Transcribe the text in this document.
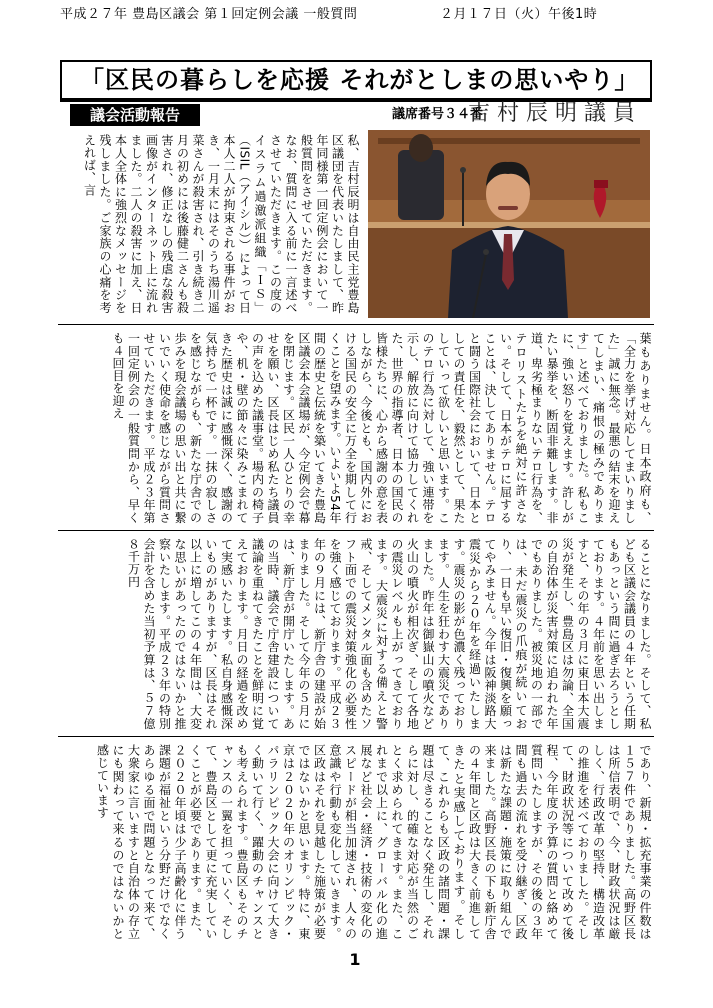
平成２７年 豊島区議会 第１回定例会議 一般質問	２月１７日（火）午後1時
「区民の暮らしを応援 それがとしまの思いやり」
議会活動報告	議席番号３４番
吉村辰明議員
私、吉村辰明は自由民主党豊島区議団を代表いたしまして、昨年同様第一回定例会において一般質問をさせていただきます。なお、質問に入る前に一言述べさせていただきます。この度のイスラム過激派組織「ＩＳ」（ISIL（アイシル））によって日本人二人が拘束される事件がおき、一月末にはそのうち湯川遥菜さんが殺害され、引き続き二月の初めには後藤健二さんも殺害され、修正なしの残虐な殺害画像がインターネット上に流れました。二人の殺害に加え、日本人全体に強烈なメッセージを残しました。ご家族の心痛を考えれば、言
葉もありません。日本政府も、「全力を挙げ対応してまいりました」誠に無念。最悪の結末を迎えてしまい、痛恨の極みであります」と述べておりました。私もこに、強い怒りを覚えます。許しがたい暴挙を、断固非難します。非道、卑劣極まりないテロ行為を、テロリストたちを絶対に許さない。そして、日本がテロに屈することは、決してありません。テロと闘う国際社会において、日本としての責任を、毅然として、果たしていって欲しいと思います。このテロ行為に対して、強い連帯を示し、解放に向けて協力してくれた、世界の指導者、日本の国民の皆様たちに、心から感謝の意を表しながら、今後とも、国内外における国民の安全に万全を期して行くことを望みます。いよいよ54年間の歴史と伝統を築いてきた豊島区議会本会議場が、今定例会で幕を閉じます。区民一人ひとりの幸せを願い、区長はじめ私たち議員の声を込めた議事堂。場内の椅子や、机・壁の節々に染みこまれてきた歴史は誠に感慨深く、感謝の気持ちで一杯です。一抹の寂しさを感じながらも、新たな庁舎での歩みを現会議場の思い出と共に繋いでいく使命を感じながら質問させていただきます。平成２３年第一回定例会の一般質問から、早くも４回目を迎え
ることになりました。そして、私ども区議会議員の４年という任期もあっという間に過ぎ去ろうとしております。４年前を思い出しますと、その年の３月に東日本大震災が発生し、豊島区は勿論、全国の自治体が災害対策に追われた年でもありました。被災地の一部では、未だ震災の爪痕が続いており、一日も早い復旧・復興を願ってやみません。今年は阪神淡路大震災から２０年を経過いたします。震災の影が色濃く残っております。人生を狂わす大震災でありました。昨年は御嶽山の噴火など火山の噴火が相次ぎ、そして各地の震災レベルも上がってきております。大震災に対する備えと警戒、そしてメンタル面も含めたソフト面での震災対策強化の必要性を強く感じております。平成２３年の９月には、新庁舎の建設が始まりました。そして今年の５月には、新庁舎が開庁いたします。あの当時、議会で庁舎建設について議論を重ねてきたことを鮮明に覚えております。月日の経過を改めて実感いたします。私自身感慨深いものがありますが、区長はそれ以上に増してこの４年間は、大変な思いがあったのではないかと推察いたします。平成２３年の特別会計を含めた当初予算は、５７億８千万円
であり、新規・拡充事業の件数は１５７件でありました。高野区長は所信表明で、今、財政状況は厳しく、行政改革の堅持、構造改革の推進を述べておりました。そして、財政状況等について改めて後程、今年度の予算の質問と絡めて質問いたしますが、その後の３年間も過去の流れを受け継ぎ、区政は新たな課題・施策に取り組んで来ました。高野区長の下も新庁舎の４年間と区政は大きく前進してきたと実感しております。そして、これからも区政の諸問題・課題は尽きることなく発生し、それらに対し、的確な対応が当然のごとく求められてきます。また、これまで以上に、グローバル化の進展など社会・経済・技術の変化のスピードが相当加速され、人々の意識や行動も変化していきます。区政はそれを見越した施策が必要ではないかと思います。特に、東京は２０２０年のオリンピック・パラリンピック大会に向けて大きく動いて行く、躍動のチャンスとも考えられます。豊島区もそのチャンスの一翼を担っていく、そして、豊島区として更に充実していくことが必要であります。また、２０２０年頃は少子高齢化に伴う課題が福祉という分野だけでなくあらゆる面で問題となって来て、大衆家に言いますと自治体の存立にも関わって来るのではないかと感じています
1
